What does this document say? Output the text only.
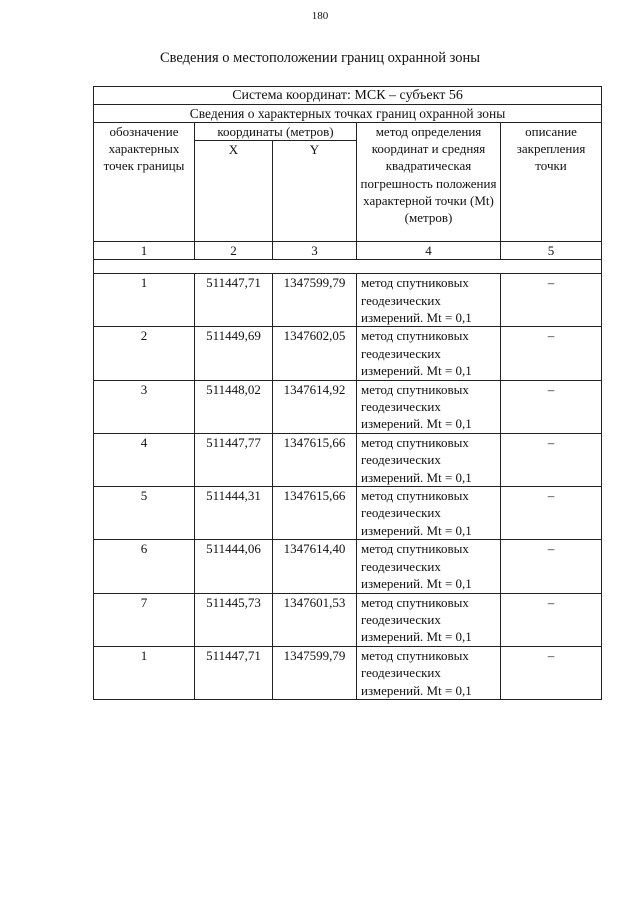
180
Сведения о местоположении границ охранной зоны
Система координат: МСК – субъект 56				
Сведения о характерных точках границ охранной зоны				
обозначение характерных точек границы	координаты (метров)		метод определения координат и средняя квадратическая погрешность положения характерной точки (Mt) (метров)	описание закрепления точки
	X	Y		
1	2	3	4	5

1	511447,71	1347599,79	метод спутниковых
геодезических
измерений. Mt = 0,1	–
2	511449,69	1347602,05	метод спутниковых
геодезических
измерений. Mt = 0,1	–
3	511448,02	1347614,92	метод спутниковых
геодезических
измерений. Mt = 0,1	–
4	511447,77	1347615,66	метод спутниковых
геодезических
измерений. Mt = 0,1	–
5	511444,31	1347615,66	метод спутниковых
геодезических
измерений. Mt = 0,1	–
6	511444,06	1347614,40	метод спутниковых
геодезических
измерений. Mt = 0,1	–
7	511445,73	1347601,53	метод спутниковых
геодезических
измерений. Mt = 0,1	–
1	511447,71	1347599,79	метод спутниковых
геодезических
измерений. Mt = 0,1	–
